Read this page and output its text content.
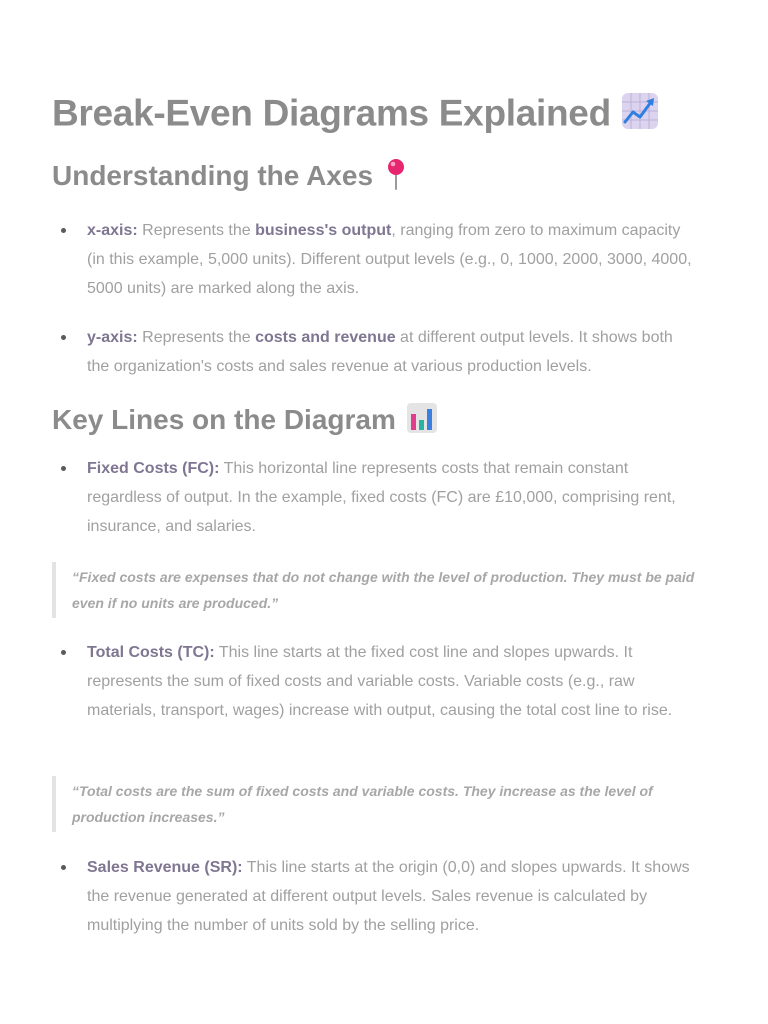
Break-Even Diagrams Explained
Understanding the Axes
x-axis: Represents the business's output, ranging from zero to maximum capacity (in this example, 5,000 units). Different output levels (e.g., 0, 1000, 2000, 3000, 4000, 5000 units) are marked along the axis.
y-axis: Represents the costs and revenue at different output levels. It shows both the organization's costs and sales revenue at various production levels.
Key Lines on the Diagram
Fixed Costs (FC): This horizontal line represents costs that remain constant regardless of output. In the example, fixed costs (FC) are £10,000, comprising rent, insurance, and salaries.
“Fixed costs are expenses that do not change with the level of production. They must be paid even if no units are produced.”
Total Costs (TC): This line starts at the fixed cost line and slopes upwards. It represents the sum of fixed costs and variable costs. Variable costs (e.g., raw materials, transport, wages) increase with output, causing the total cost line to rise.
“Total costs are the sum of fixed costs and variable costs. They increase as the level of production increases.”
Sales Revenue (SR): This line starts at the origin (0,0) and slopes upwards. It shows the revenue generated at different output levels. Sales revenue is calculated by multiplying the number of units sold by the selling price.
